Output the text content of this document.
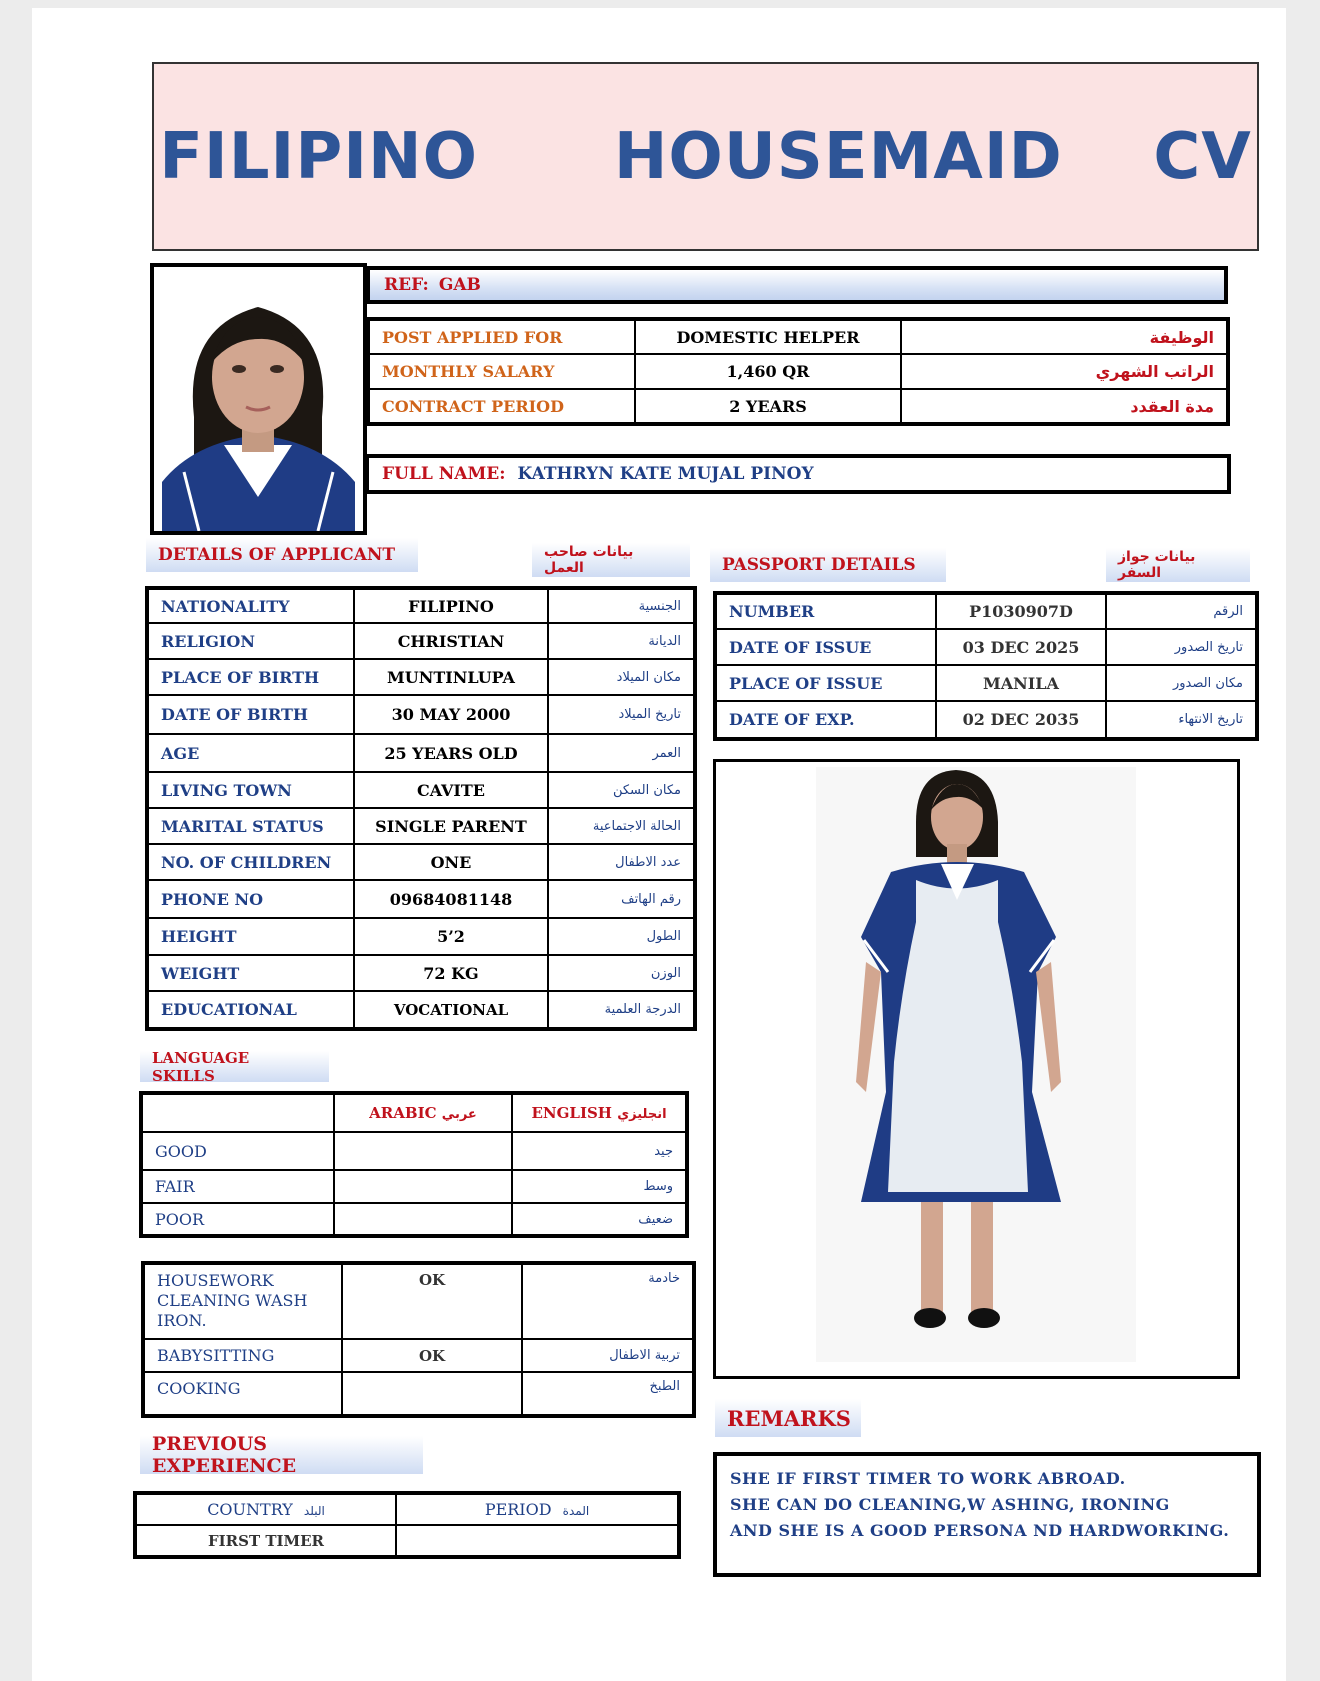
FILIPINO   HOUSEMAID  CV
REF: GAB
POST APPLIED FOR	DOMESTIC HELPER	الوظيفة
MONTHLY SALARY	1,460 QR	الراتب الشهري
CONTRACT PERIOD	2 YEARS	مدة العقدد
FULL NAME: KATHRYN KATE MUJAL PINOY
DETAILS OF APPLICANT	بيانات صاحب العمل
NATIONALITY	FILIPINO	الجنسية
RELIGION	CHRISTIAN	الديانة
PLACE OF BIRTH	MUNTINLUPA	مكان الميلاد
DATE OF BIRTH	30 MAY 2000	تاريخ الميلاد
AGE	25 YEARS OLD	العمر
LIVING TOWN	CAVITE	مكان السكن
MARITAL STATUS	SINGLE PARENT	الحالة الاجتماعية
NO. OF CHILDREN	ONE	عدد الاطفال
PHONE NO	09684081148	رقم الهاتف
HEIGHT	5’2	الطول
WEIGHT	72 KG	الوزن
EDUCATIONAL	VOCATIONAL	الدرجة العلمية
PASSPORT DETAILS	بيانات جواز السفر
NUMBER	P1030907D	الرقم
DATE OF ISSUE	03 DEC 2025	تاريخ الصدور
PLACE OF ISSUE	MANILA	مكان الصدور
DATE OF EXP.	02 DEC 2035	تاريخ الانتهاء
LANGUAGE SKILLS
	ARABIC عربي	ENGLISH انجليزي
GOOD		جيد
FAIR		وسط
POOR		ضعيف
HOUSEWORK
CLEANING WASH
IRON.	OK	خادمة
BABYSITTING	OK	تربية الاطفال
COOKING		الطبخ
PREVIOUS EXPERIENCE
COUNTRY البلد	PERIOD المدة
FIRST TIMER	
REMARKS
SHE IF FIRST TIMER TO WORK ABROAD.
SHE CAN DO CLEANING,W ASHING, IRONING
AND SHE IS A GOOD PERSONA ND HARDWORKING.
